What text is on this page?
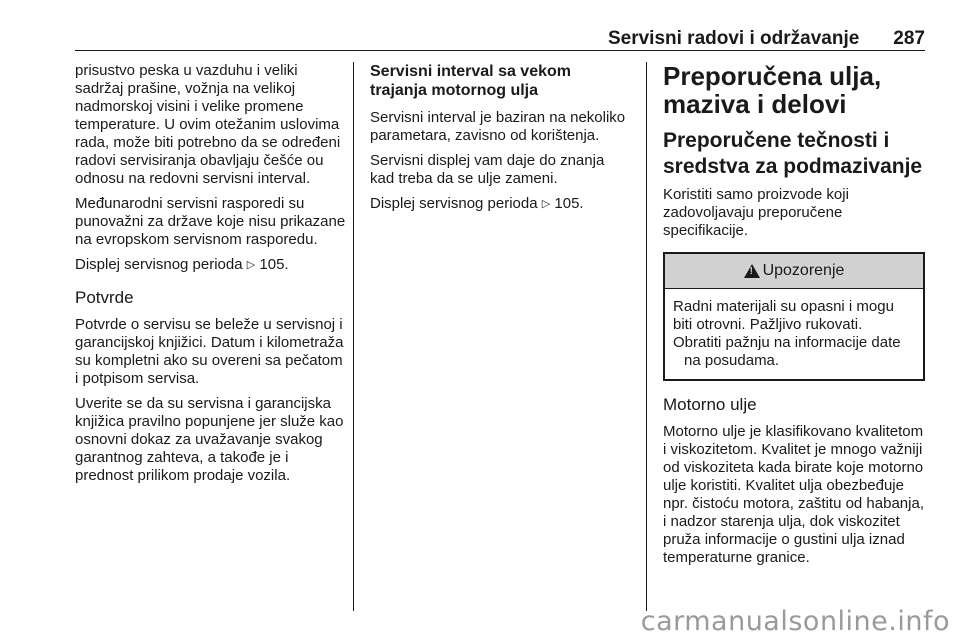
Servisni radovi i održavanje 287

prisustvo peska u vazduhu i veliki sadržaj prašine, vožnja na velikoj nadmorskoj visini i velike promene temperature. U ovim otežanim uslovima rada, može biti potrebno da se određeni radovi servisiranja obavljaju češće ou odnosu na redovni servisni interval.

Međunarodni servisni rasporedi su punovažni za države koje nisu prikazane na evropskom servisnom rasporedu.

Displej servisnog perioda ▷ 105.

Potvrde

Potvrde o servisu se beleže u servisnoj i garancijskoj knjižici. Datum i kilometraža su kompletni ako su overeni sa pečatom i potpisom servisa.

Uverite se da su servisna i garancijska knjižica pravilno popunjene jer služe kao osnovni dokaz za uvažavanje svakog garantnog zahteva, a takođe je i prednost prilikom prodaje vozila.

Servisni interval sa vekom trajanja motornog ulja

Servisni interval je baziran na nekoliko parametara, zavisno od korištenja.

Servisni displej vam daje do znanja kad treba da se ulje zameni.

Displej servisnog perioda ▷ 105.

Preporučena ulja, maziva i delovi
Preporučene tečnosti i sredstva za podmazivanje

Koristiti samo proizvode koji zadovoljavaju preporučene specifikacije.

!
Upozorenje

Radni materijali su opasni i mogu biti otrovni. Pažljivo rukovati.

Obratiti pažnju na informacije date na posudama.

Motorno ulje

Motorno ulje je klasifikovano kvalitetom i viskozitetom. Kvalitet je mnogo važniji od viskoziteta kada birate koje motorno ulje koristiti. Kvalitet ulja obezbeđuje npr. čistoću motora, zaštitu od habanja, i nadzor starenja ulja, dok viskozitet pruža informacije o gustini ulja iznad temperaturne granice.

carmanualsonline.info
